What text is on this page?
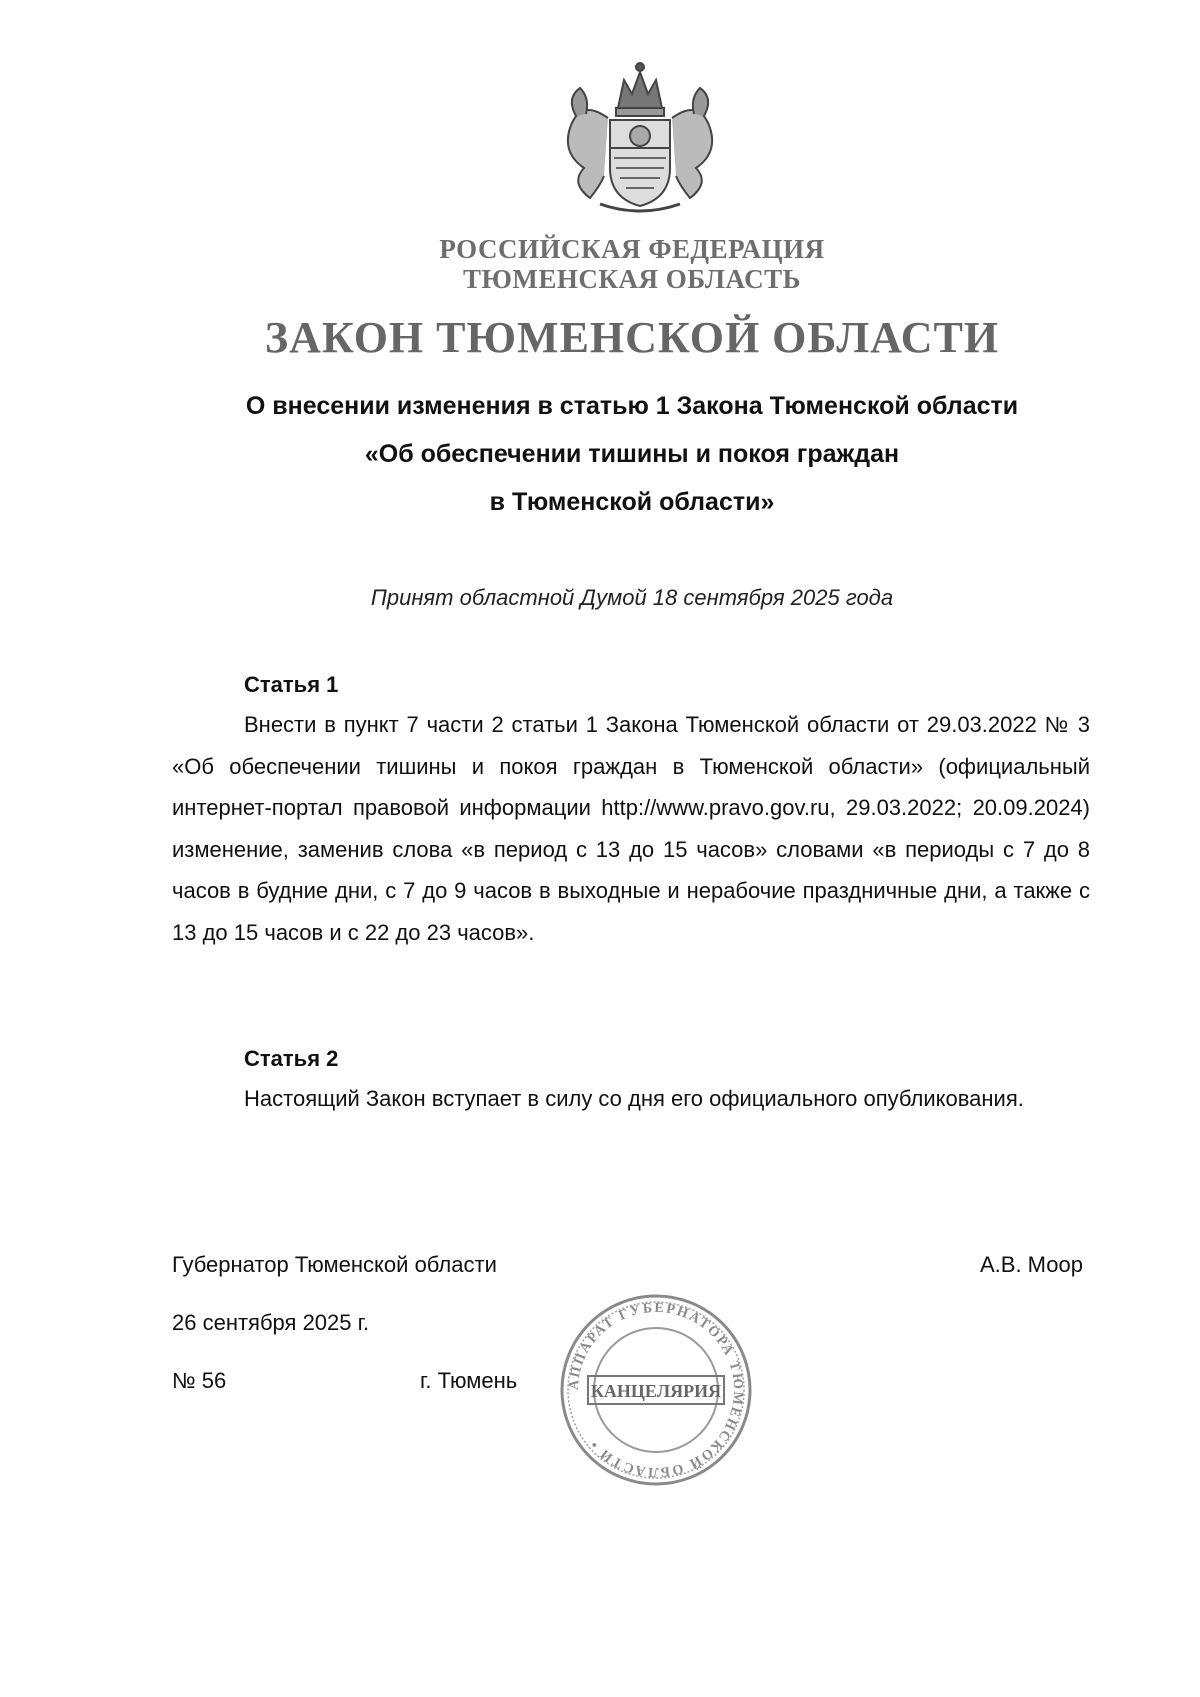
РОССИЙСКАЯ ФЕДЕРАЦИЯ
ТЮМЕНСКАЯ ОБЛАСТЬ
ЗАКОН ТЮМЕНСКОЙ ОБЛАСТИ
О внесении изменения в статью 1 Закона Тюменской области
«Об обеспечении тишины и покоя граждан
в Тюменской области»
Принят областной Думой 18 сентября 2025 года
Статья 1
Внести в пункт 7 части 2 статьи 1 Закона Тюменской области от 29.03.2022 № 3 «Об обеспечении тишины и покоя граждан в Тюменской области» (официальный интернет-портал правовой информации http://www.pravo.gov.ru, 29.03.2022; 20.09.2024) изменение, заменив слова «в период с 13 до 15 часов» словами «в периоды с 7 до 8 часов в будние дни, с 7 до 9 часов в выходные и нерабочие праздничные дни, а также с 13 до 15 часов и с 22 до 23 часов».
Статья 2
Настоящий Закон вступает в силу со дня его официального опубликования.
Губернатор Тюменской области	А.В. Моор
26 сентября 2025 г.
№ 56	г. Тюмень	АППАРАТ ГУБЕРНАТОРА ТЮМЕНСКОЙ ОБЛАСТИ •
КАНЦЕЛЯРИЯ
